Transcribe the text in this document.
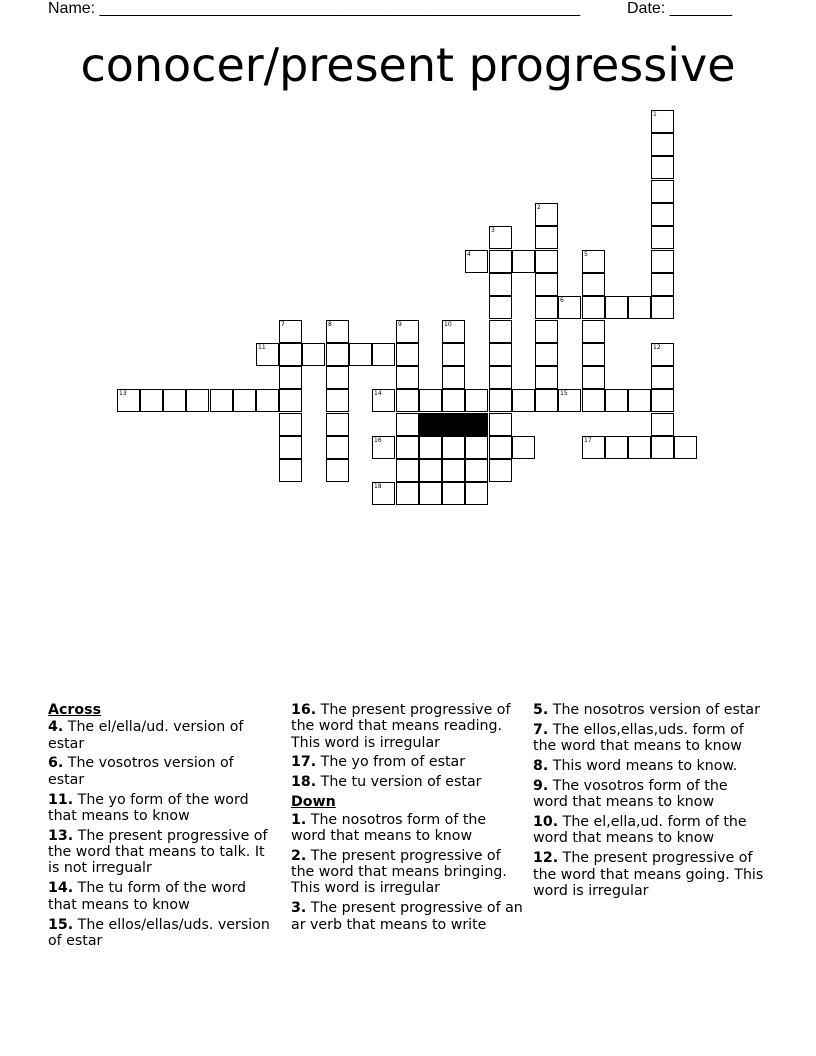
Name: ______________________________________________________	Date: _______
conocer/present progressive
1
2
3
4	5
6
7	8	9	10
11	12
13	14	15
16	17
18
Across
4. The el/ella/ud. version of estar
6. The vosotros version of estar
11. The yo form of the word that means to know
13. The present progressive of the word that means to talk. It is not irregualr
14. The tu form of the word that means to know
15. The ellos/ellas/uds. version of estar
16. The present progressive of the word that means reading. This word is irregular
17. The yo from of estar
18. The tu version of estar
Down
1. The nosotros form of the word that means to know
2. The present progressive of the word that means bringing. This word is irregular
3. The present progressive of an ar verb that means to write
5. The nosotros version of estar
7. The ellos,ellas,uds. form of the word that means to know
8. This word means to know.
9. The vosotros form of the word that means to know
10. The el,ella,ud. form of the word that means to know
12. The present progressive of the word that means going. This word is irregular
